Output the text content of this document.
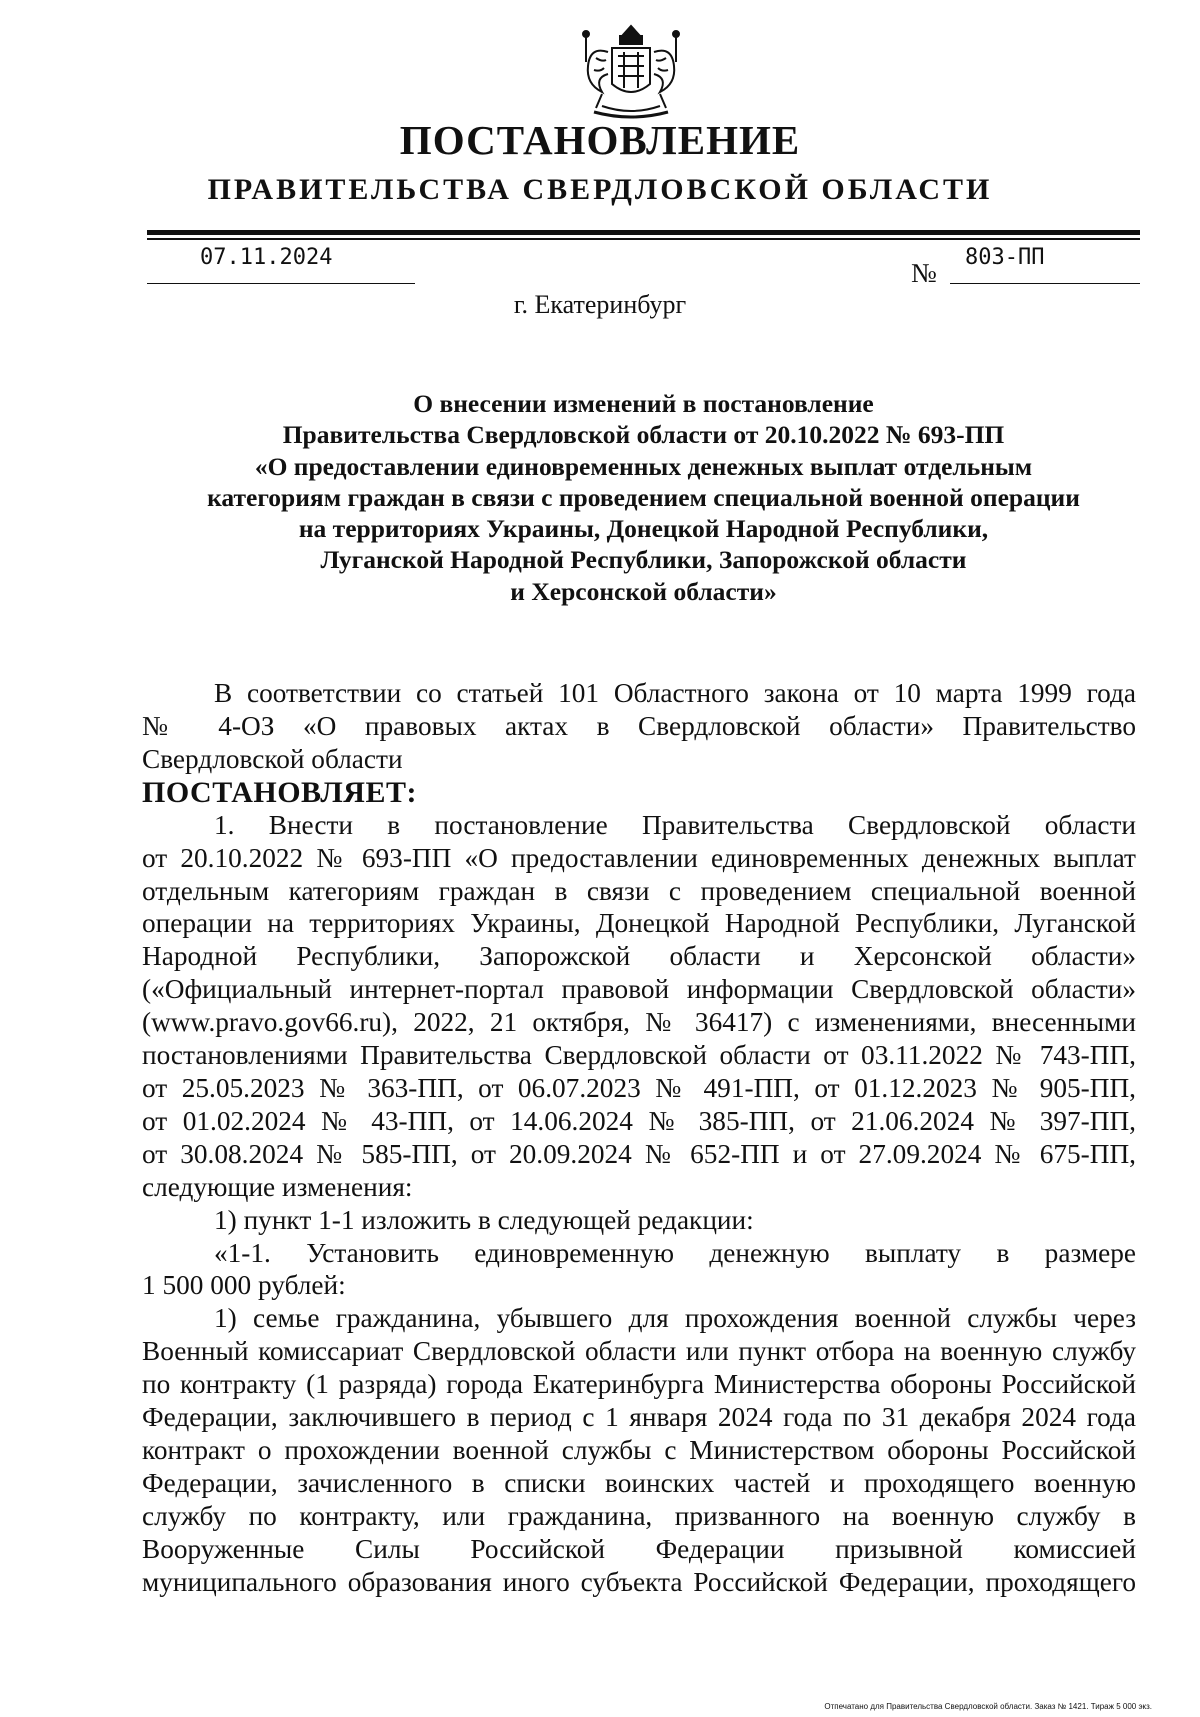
ПОСТАНОВЛЕНИЕ
ПРАВИТЕЛЬСТВА СВЕРДЛОВСКОЙ ОБЛАСТИ
07.11.2024
№
803-ПП
г. Екатеринбург
О внесении изменений в постановление
Правительства Свердловской области от 20.10.2022 № 693-ПП
«О предоставлении единовременных денежных выплат отдельным
категориям граждан в связи с проведением специальной военной операции
на территориях Украины, Донецкой Народной Республики,
Луганской Народной Республики, Запорожской области
и Херсонской области»
В соответствии со статьей 101 Областного закона от 10 марта 1999 года
№ 4-ОЗ «О правовых актах в Свердловской области» Правительство
Свердловской области
ПОСТАНОВЛЯЕТ:
1. Внести в постановление Правительства Свердловской области
от 20.10.2022 № 693-ПП «О предоставлении единовременных денежных выплат
отдельным категориям граждан в связи с проведением специальной военной
операции на территориях Украины, Донецкой Народной Республики, Луганской
Народной Республики, Запорожской области и Херсонской области»
(«Официальный интернет-портал правовой информации Свердловской области»
(www.pravo.gov66.ru), 2022, 21 октября, № 36417) с изменениями, внесенными
постановлениями Правительства Свердловской области от 03.11.2022 № 743-ПП,
от 25.05.2023 № 363-ПП, от 06.07.2023 № 491-ПП, от 01.12.2023 № 905-ПП,
от 01.02.2024 № 43-ПП, от 14.06.2024 № 385-ПП, от 21.06.2024 № 397-ПП,
от 30.08.2024 № 585-ПП, от 20.09.2024 № 652-ПП и от 27.09.2024 № 675-ПП,
следующие изменения:
1) пункт 1-1 изложить в следующей редакции:
«1-1. Установить единовременную денежную выплату в размере
1 500 000 рублей:
1) семье гражданина, убывшего для прохождения военной службы через
Военный комиссариат Свердловской области или пункт отбора на военную службу
по контракту (1 разряда) города Екатеринбурга Министерства обороны Российской
Федерации, заключившего в период с 1 января 2024 года по 31 декабря 2024 года
контракт о прохождении военной службы с Министерством обороны Российской
Федерации, зачисленного в списки воинских частей и проходящего военную
службу по контракту, или гражданина, призванного на военную службу в
Вооруженные Силы Российской Федерации призывной комиссией
муниципального образования иного субъекта Российской Федерации, проходящего
Отпечатано для Правительства Свердловской области. Заказ № 1421. Тираж 5 000 экз.
